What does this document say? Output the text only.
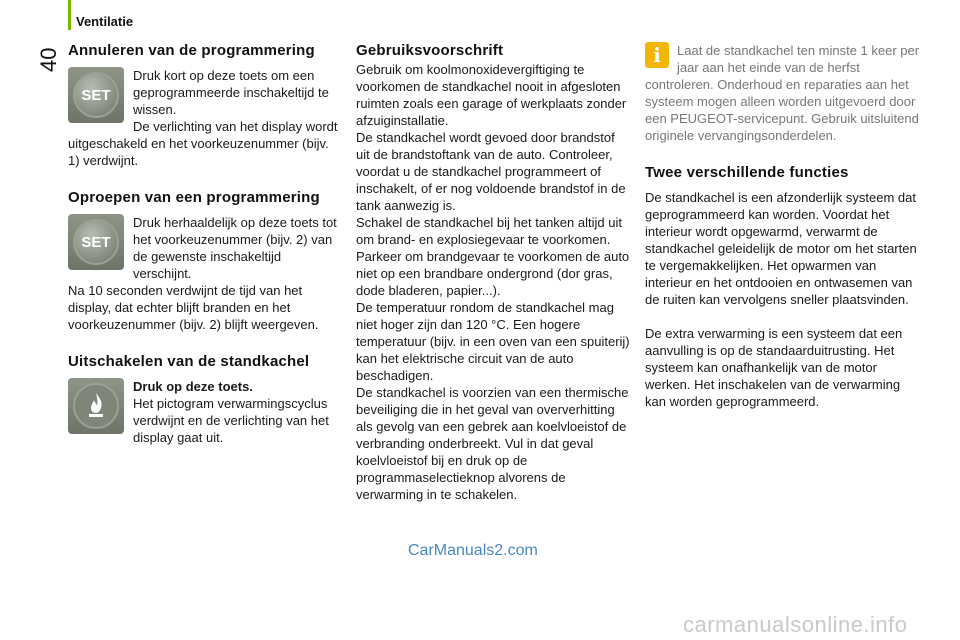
40
Ventilatie
Annuleren van de programmering
SET

Druk kort op deze toets om een geprogrammeerde inschakeltijd te wissen.
De verlichting van het display wordt uitgeschakeld en het voorkeuzenummer (bijv. 1) verdwijnt.

Oproepen van een programmering
SET

Druk herhaaldelijk op deze toets tot het voorkeuzenummer (bijv. 2) van de gewenste inschakeltijd verschijnt.
Na 10 seconden verdwijnt de tijd van het display, dat echter blijft branden en het voorkeuzenummer (bijv. 2) blijft weergeven.

Uitschakelen van de standkachel

Druk op deze toets.

Het pictogram verwarmingscyclus verdwijnt en de verlichting van het display gaat uit.

Gebruiksvoorschrift

Gebruik om koolmonoxidevergiftiging te voorkomen de standkachel nooit in afgesloten ruimten zoals een garage of werkplaats zonder afzuiginstallatie.
De standkachel wordt gevoed door brandstof uit de brandstoftank van de auto. Controleer, voordat u de standkachel programmeert of inschakelt, of er nog voldoende brandstof in de tank aanwezig is.
Schakel de standkachel bij het tanken altijd uit om brand- en explosiegevaar te voorkomen.
Parkeer om brandgevaar te voorkomen de auto niet op een brandbare ondergrond (dor gras, dode bladeren, papier...).
De temperatuur rondom de standkachel mag niet hoger zijn dan 120 °C. Een hogere temperatuur (bijv. in een oven van een spuiterij) kan het elektrische circuit van de auto beschadigen.
De standkachel is voorzien van een thermische beveiliging die in het geval van oververhitting als gevolg van een gebrek aan koelvloeistof de verbranding onderbreekt. Vul in dat geval koelvloeistof bij en druk op de programmaselectieknop alvorens de verwarming in te schakelen.

i	Laat de standkachel ten minste 1 keer per jaar aan het einde van de herfst controleren. Onderhoud en reparaties aan het systeem mogen alleen worden uitgevoerd door een PEUGEOT-servicepunt. Gebruik uitsluitend originele vervangingsonderdelen.

Twee verschillende functies

De standkachel is een afzonderlijk systeem dat geprogrammeerd kan worden. Voordat het interieur wordt opgewarmd, verwarmt de standkachel geleidelijk de motor om het starten te vergemakkelijken. Het opwarmen van interieur en het ontdooien en ontwasemen van de ruiten kan vervolgens sneller plaatsvinden.

De extra verwarming is een systeem dat een aanvulling is op de standaarduitrusting. Het systeem kan onafhankelijk van de motor werken. Het inschakelen van de verwarming kan worden geprogrammeerd.

CarManuals2.com
carmanualsonline.info
